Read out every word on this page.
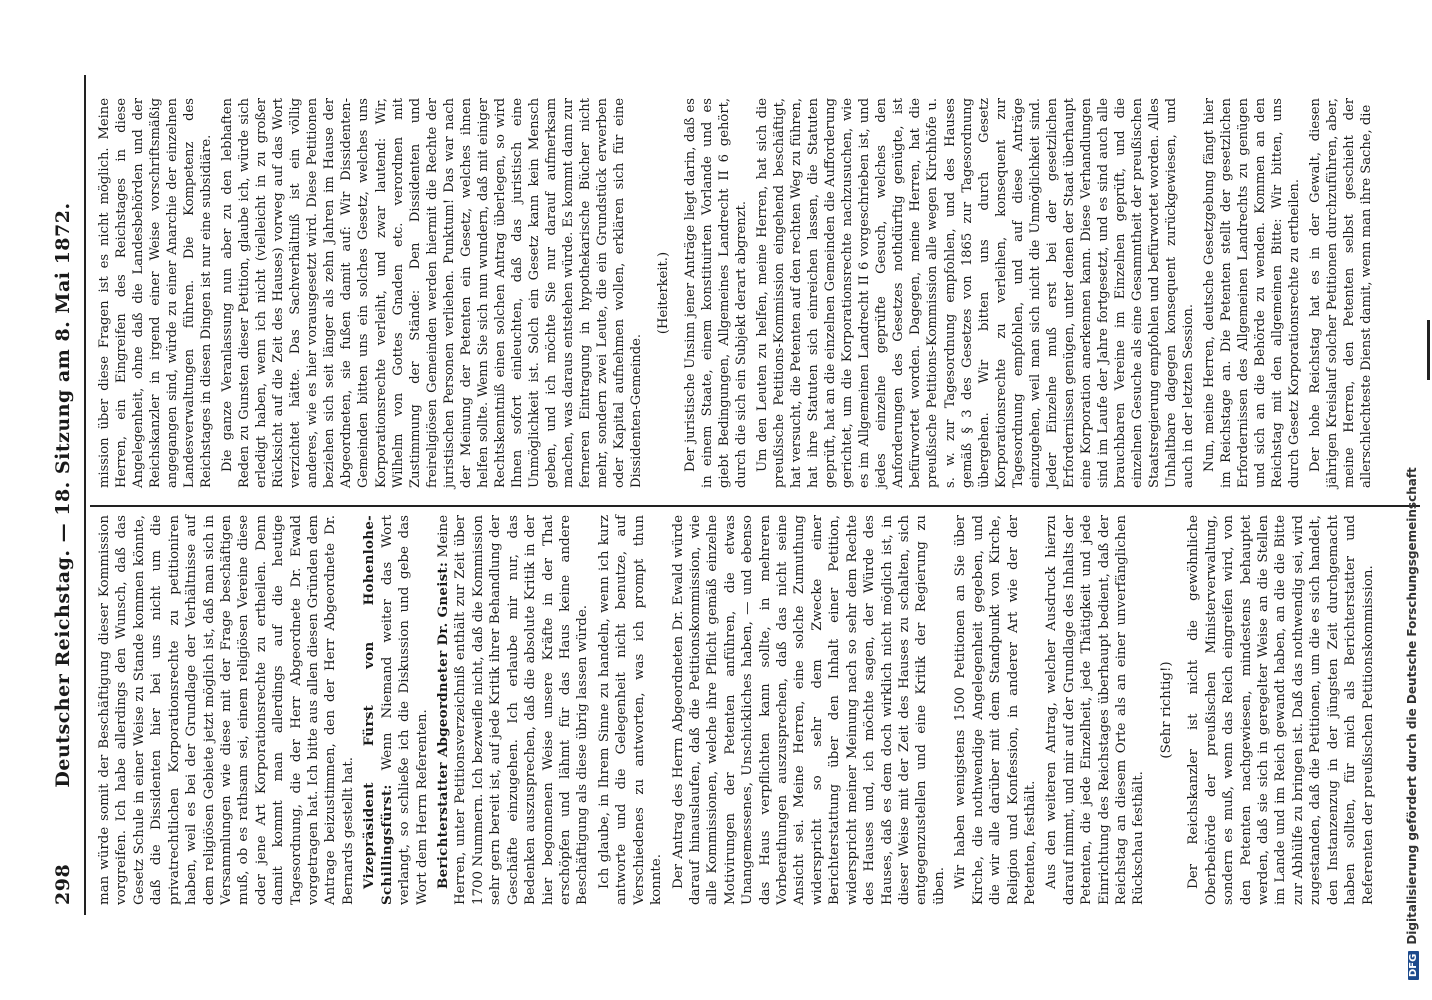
298
Deutscher Reichstag. — 18. Sitzung am 8. Mai 1872. man würde somit der Beschäftigung dieser Kommission vorgreifen. Ich habe allerdings den Wunsch, daß das Gesetz Schule in einer Weise zu Stande kommen könnte, daß die Dissidenten hier bei uns nicht um die privatrechtlichen Korporationsrechte zu petitioniren haben, weil es bei der Grundlage der Verhältnisse auf dem religiösen Gebiete jetzt möglich ist, daß man sich in Versammlungen wie diese mit der Frage beschäftigen muß, ob es rathsam sei, einem religiösen Vereine diese oder jene Art Korporationsrechte zu ertheilen. Denn damit kommt man allerdings auf die heutige Tagesordnung, die der Herr Abgeordnete Dr. Ewald vorgetragen hat. Ich bitte aus allen diesen Gründen dem Antrage beizustimmen, den der Herr Abgeordnete Dr. Bernards gestellt hat. Vizepräsident Fürst von Hohenlohe-Schillingsfürst: Wenn Niemand weiter das Wort verlangt, so schließe ich die Diskussion und gebe das Wort dem Herrn Referenten. Berichterstatter Abgeordneter Dr. Gneist: Meine Herren, unter Petitionsverzeichniß enthält zur Zeit über 1700 Nummern. Ich bezweifle nicht, daß die Kommission sehr gern bereit ist, auf jede Kritik ihrer Behandlung der Geschäfte einzugehen. Ich erlaube mir nur, das Bedenken auszusprechen, daß die absolute Kritik in der hier begonnenen Weise unsere Kräfte in der That erschöpfen und lähmt für das Haus keine andere Beschäftigung als diese übrig lassen würde. Ich glaube, in Ihrem Sinne zu handeln, wenn ich kurz antworte und die Gelegenheit nicht benutze, auf Verschiedenes zu antworten, was ich prompt thun konnte. Der Antrag des Herrn Abgeordneten Dr. Ewald würde darauf hinauslaufen, daß die Petitionskommission, wie alle Kommissionen, welche ihre Pflicht gemäß einzelne Motivirungen der Petenten anführen, die etwas Unangemessenes, Unschickliches haben, — und ebenso das Haus verpflichten kann sollte, in mehreren Vorberathungen auszusprechen, daß das nicht seine Ansicht sei. Meine Herren, eine solche Zumuthung widerspricht so sehr dem Zwecke einer Berichterstattung über den Inhalt einer Petition, widerspricht meiner Meinung nach so sehr dem Rechte des Hauses und, ich möchte sagen, der Würde des Hauses, daß es dem doch wirklich nicht möglich ist, in dieser Weise mit der Zeit des Hauses zu schalten, sich entgegenzustellen und eine Kritik der Regierung zu üben. Wir haben wenigstens 1500 Petitionen an Sie über Kirche, die nothwendige Angelegenheit gegeben, und die wir alle darüber mit dem Standpunkt von Kirche, Religion und Konfession, in anderer Art wie der der Petenten, festhält. Aus den weiteren Antrag, welcher Ausdruck hierzu darauf nimmt, und mir auf der Grundlage des Inhalts der Petenten, die jede Einzelheit, jede Thätigkeit und jede Einrichtung des Reichstages überhaupt bedient, daß der Reichstag an diesem Orte als an einer unverfänglichen Rückschau festhält.

(Sehr richtig!) Der Reichskanzler ist nicht die gewöhnliche Oberbehörde der preußischen Ministerverwaltung, sondern es muß, wenn das Reich eingreifen wird, von den Petenten nachgewiesen, mindestens behauptet werden, daß sie sich in geregelter Weise an die Stellen im Lande und im Reich gewandt haben, an die die Bitte zur Abhülfe zu bringen ist. Daß das nothwendig sei, wird zugestanden, daß die Petitionen, um die es sich handelt, den Instanzenzug in der jüngsten Zeit durchgemacht haben sollten, für mich als Berichterstatter und Referenten der preußischen Petitionskommission.

mission über diese Fragen ist es nicht möglich. Meine Herren, ein Eingreifen des Reichstages in diese Angelegenheit, ohne daß die Landesbehörden und der Reichskanzler in irgend einer Weise vorschriftsmäßig angegangen sind, würde zu einer Anarchie der einzelnen Landesverwaltungen führen. Die Kompetenz des Reichstages in diesen Dingen ist nur eine subsidiäre. Die ganze Veranlassung nun aber zu den lebhaften Reden zu Gunsten dieser Petition, glaube ich, würde sich erledigt haben, wenn ich nicht (vielleicht in zu großer Rücksicht auf die Zeit des Hauses) vorweg auf das Wort verzichtet hätte. Das Sachverhältniß ist ein völlig anderes, wie es hier vorausgesetzt wird. Diese Petitionen beziehen sich seit länger als zehn Jahren im Hause der Abgeordneten, sie fußen damit auf: Wir Dissidenten-Gemeinden bitten uns ein solches Gesetz, welches uns Korporationsrechte verleiht, und zwar lautend: Wir, Wilhelm von Gottes Gnaden etc. verordnen mit Zustimmung der Stände: Den Dissidenten und freireligiösen Gemeinden werden hiermit die Rechte der juristischen Personen verliehen. Punktum! Das war nach der Meinung der Petenten ein Gesetz, welches ihnen helfen sollte. Wenn Sie sich nun wundern, daß mit einiger Rechtskenntniß einen solchen Antrag überlegen, so wird Ihnen sofort einleuchten, daß das juristisch eine Unmöglichkeit ist. Solch ein Gesetz kann kein Mensch geben, und ich möchte Sie nur darauf aufmerksam machen, was daraus entstehen würde. Es kommt dann zur ferneren Eintragung in hypothekarische Bücher nicht mehr, sondern zwei Leute, die ein Grundstück erwerben oder Kapital aufnehmen wollen, erklären sich für eine Dissidenten-Gemeinde.

(Heiterkeit.) Der juristische Unsinn jener Anträge liegt darin, daß es in einem Staate, einem konstituirten Vorlande und es giebt Bedingungen, Allgemeines Landrecht II 6 gehört, durch die sich ein Subjekt derart abgrenzt. Um den Leuten zu helfen, meine Herren, hat sich die preußische Petitions-Kommission eingehend beschäftigt, hat versucht, die Petenten auf den rechten Weg zu führen, hat ihre Statuten sich einreichen lassen, die Statuten geprüft, hat an die einzelnen Gemeinden die Aufforderung gerichtet, um die Korporationsrechte nachzusuchen, wie es im Allgemeinen Landrecht II 6 vorgeschrieben ist, und jedes einzelne geprüfte Gesuch, welches den Anforderungen des Gesetzes nothdürftig genügte, ist befürwortet worden. Dagegen, meine Herren, hat die preußische Petitions-Kommission alle wegen Kirchhöfe u. s. w. zur Tagesordnung empfohlen, und des Hauses gemäß § 3 des Gesetzes von 1865 zur Tagesordnung übergehen. Wir bitten uns durch Gesetz Korporationsrechte zu verleihen, konsequent zur Tagesordnung empfohlen, und auf diese Anträge einzugehen, weil man sich nicht die Unmöglichkeit sind. Jeder Einzelne muß erst bei der gesetzlichen Erfordernissen genügen, unter denen der Staat überhaupt eine Korporation anerkennen kann. Diese Verhandlungen sind im Laufe der Jahre fortgesetzt, und es sind auch alle brauchbaren Vereine im Einzelnen geprüft, und die einzelnen Gesuche als eine Gesammtheit der preußischen Staatsregierung empfohlen und befürwortet worden. Alles Unhaltbare dagegen konsequent zurückgewiesen, und auch in der letzten Session. Nun, meine Herren, deutsche Gesetzgebung fängt hier im Reichstage an. Die Petenten stellt der gesetzlichen Erfordernissen des Allgemeinen Landrechts zu genügen und sich an die Behörde zu wenden. Kommen an den Reichstag mit den allgemeinen Bitte: Wir bitten, uns durch Gesetz Korporationsrechte zu ertheilen. Der hohe Reichstag hat es in der Gewalt, diesen jährigen Kreislauf solcher Petitionen durchzuführen, aber, meine Herren, den Petenten selbst geschieht der allerschlechteste Dienst damit, wenn man ihre Sache, die

DFGDigitalisierung gefördert durch die Deutsche Forschungsgemeinschaft
